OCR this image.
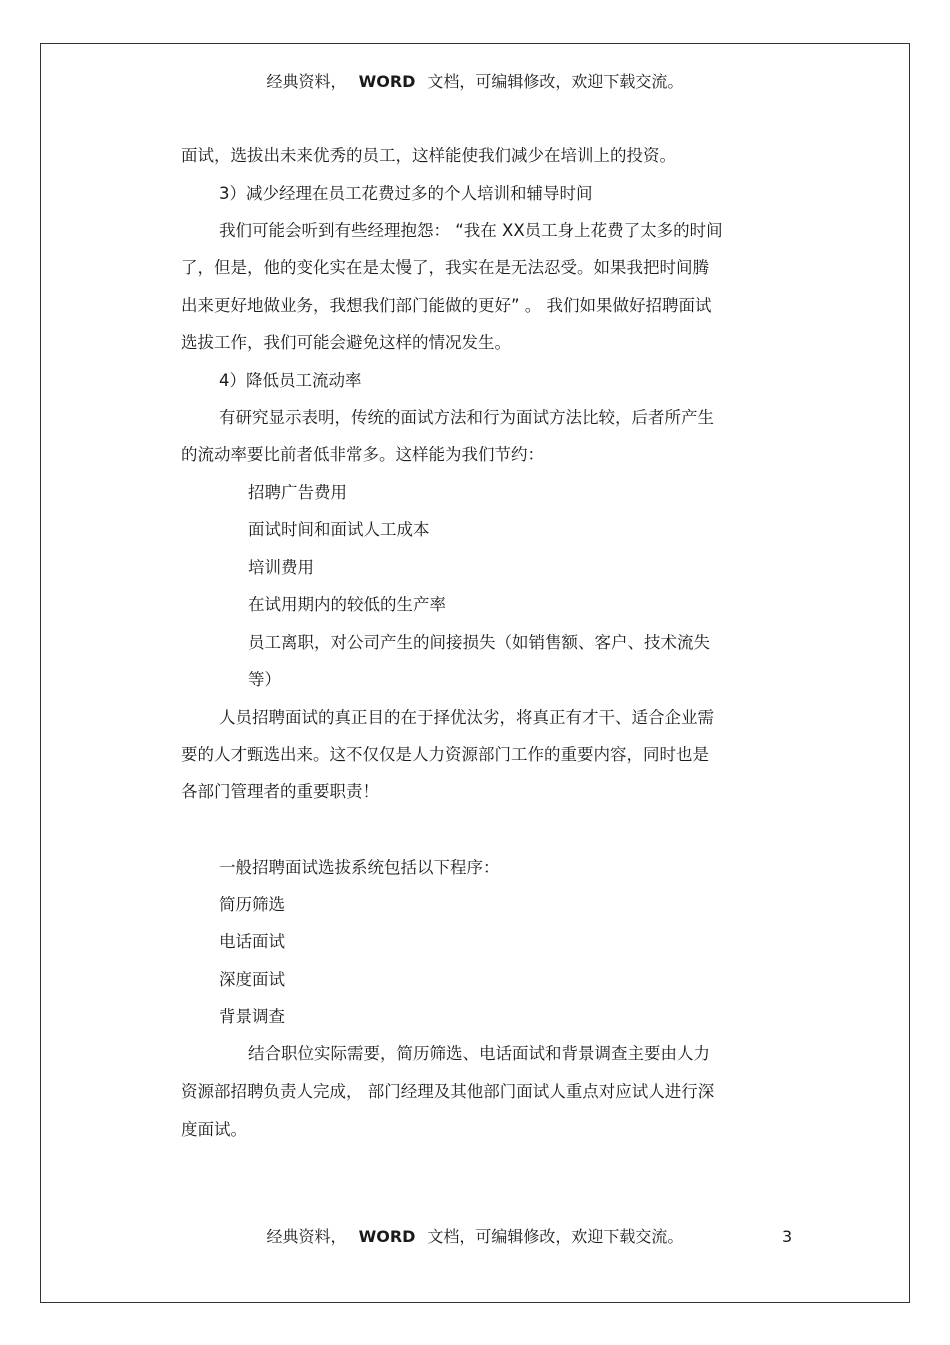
经典资料， WORD 文档，可编辑修改，欢迎下载交流。
面试，选拔出未来优秀的员工，这样能使我们减少在培训上的投资。
3）减少经理在员工花费过多的个人培训和辅导时间
我们可能会听到有些经理抱怨： “我在 XX员工身上花费了太多的时间
了，但是，他的变化实在是太慢了，我实在是无法忍受。如果我把时间腾
出来更好地做业务，我想我们部门能做的更好” 。 我们如果做好招聘面试
选拔工作，我们可能会避免这样的情况发生。
4）降低员工流动率
有研究显示表明，传统的面试方法和行为面试方法比较，后者所产生
的流动率要比前者低非常多。这样能为我们节约：
招聘广告费用
面试时间和面试人工成本
培训费用
在试用期内的较低的生产率
员工离职，对公司产生的间接损失（如销售额、客户、技术流失
等）
人员招聘面试的真正目的在于择优汰劣，将真正有才干、适合企业需
要的人才甄选出来。这不仅仅是人力资源部门工作的重要内容，同时也是
各部门管理者的重要职责！
一般招聘面试选拔系统包括以下程序：
简历筛选
电话面试
深度面试
背景调查
结合职位实际需要，简历筛选、电话面试和背景调查主要由人力
资源部招聘负责人完成， 部门经理及其他部门面试人重点对应试人进行深
度面试。
经典资料， WORD 文档，可编辑修改，欢迎下载交流。	3
